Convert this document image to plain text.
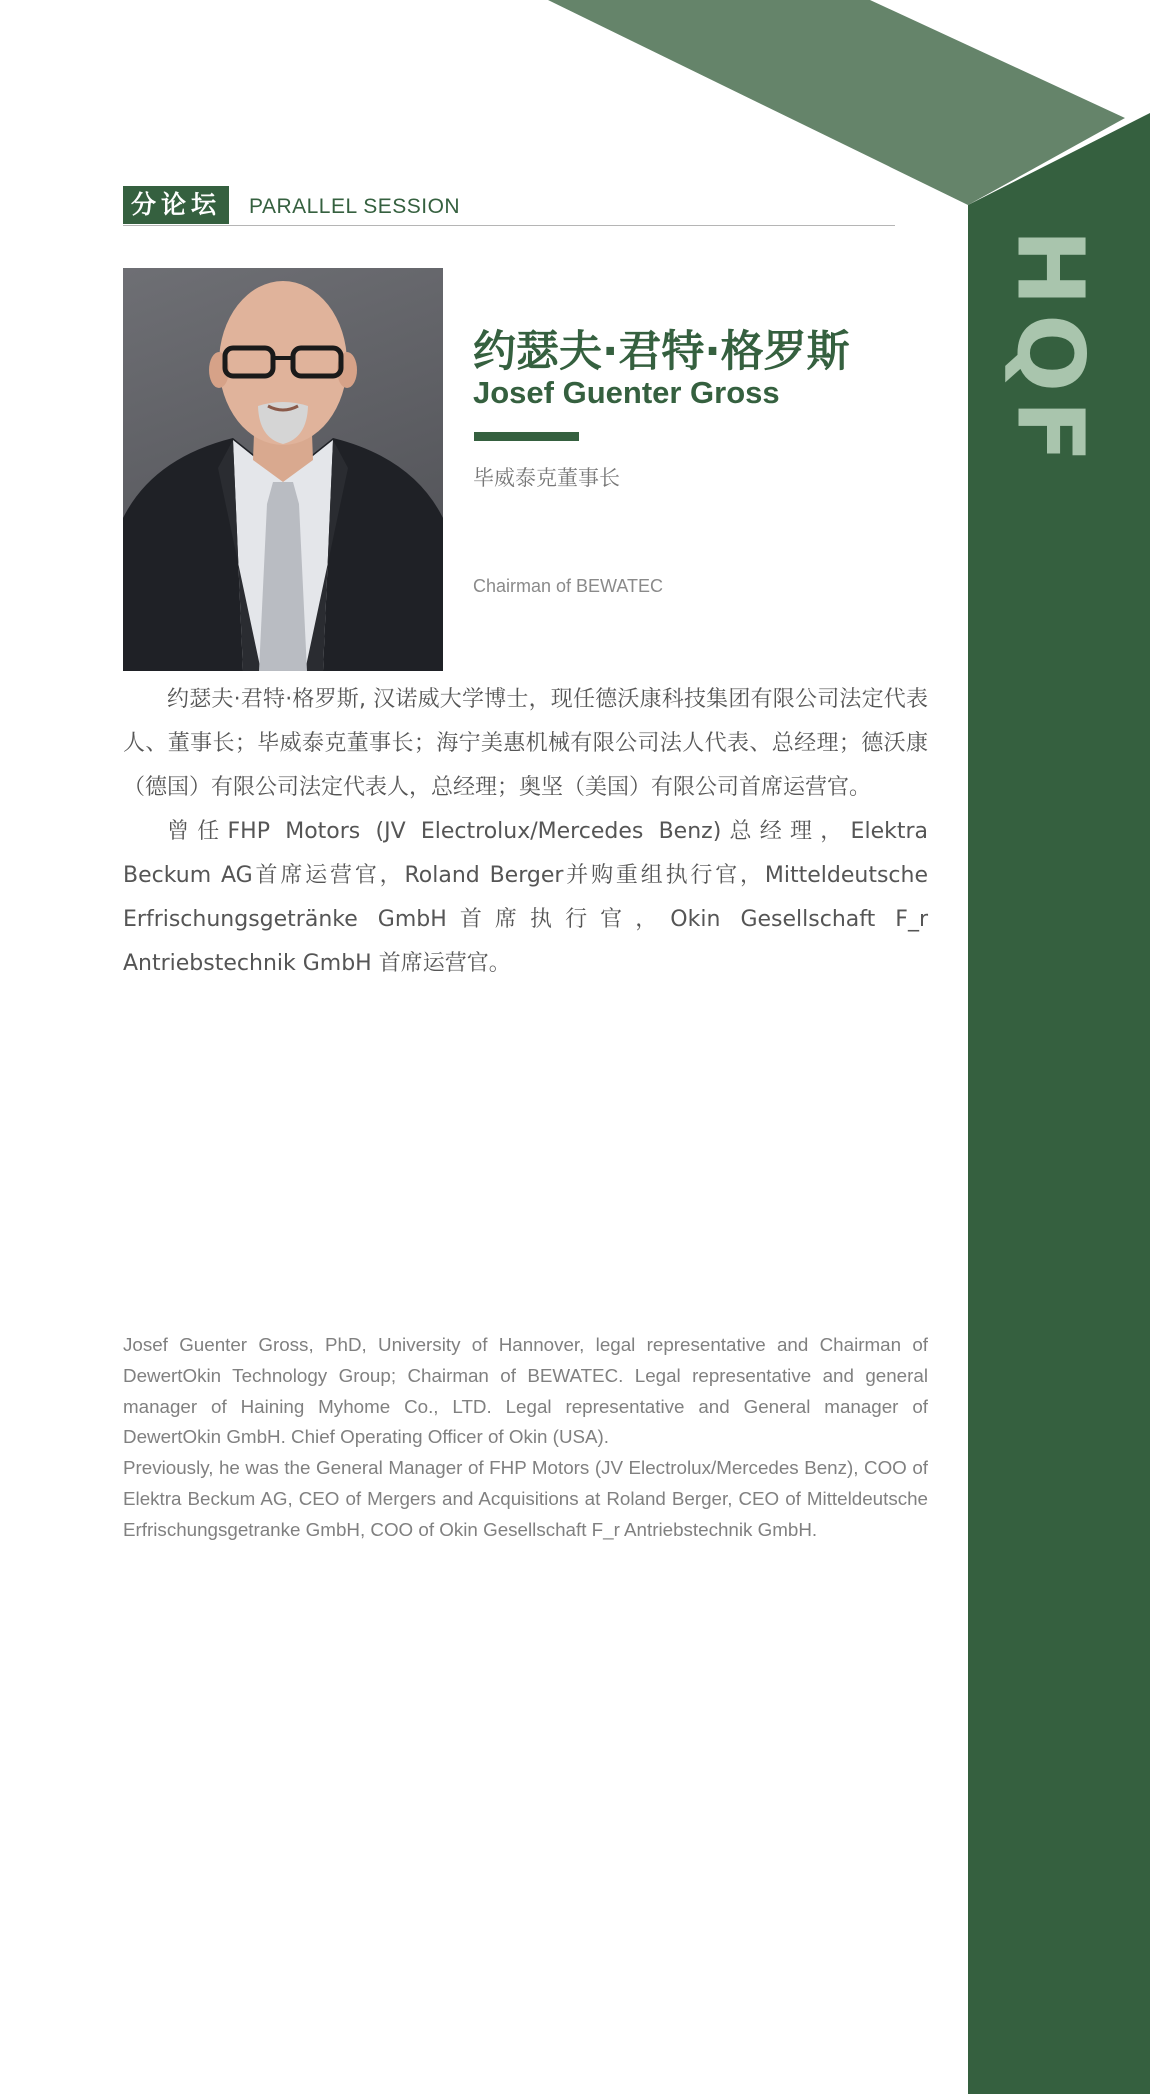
HQF
分论坛	PARALLEL SESSION
约瑟夫·君特·格罗斯
Josef Guenter Gross
毕威泰克董事长
Chairman of BEWATEC

约瑟夫·君特·格罗斯, 汉诺威大学博士，现任德沃康科技集团有限公司法定代表人、董事长；毕威泰克董事长；海宁美惠机械有限公司法人代表、总经理；德沃康（德国）有限公司法定代表人，总经理；奥坚（美国）有限公司首席运营官。

曾任FHP Motors (JV Electrolux/Mercedes Benz)总经理，Elektra Beckum AG首席运营官，Roland Berger并购重组执行官，Mitteldeutsche Erfrischungsgetränke GmbH首席执行官，Okin Gesellschaft F_r Antriebstechnik GmbH 首席运营官。

Josef Guenter Gross, PhD, University of Hannover, legal representative and Chairman of DewertOkin Technology Group; Chairman of BEWATEC. Legal representative and general manager of Haining Myhome Co., LTD. Legal representative and General manager of DewertOkin GmbH. Chief Operating Officer of Okin (USA).

Previously, he was the General Manager of FHP Motors (JV Electrolux/Mercedes Benz), COO of Elektra Beckum AG, CEO of Mergers and Acquisitions at Roland Berger, CEO of Mitteldeutsche Erfrischungsgetranke GmbH, COO of Okin Gesellschaft F_r Antriebstechnik GmbH.
